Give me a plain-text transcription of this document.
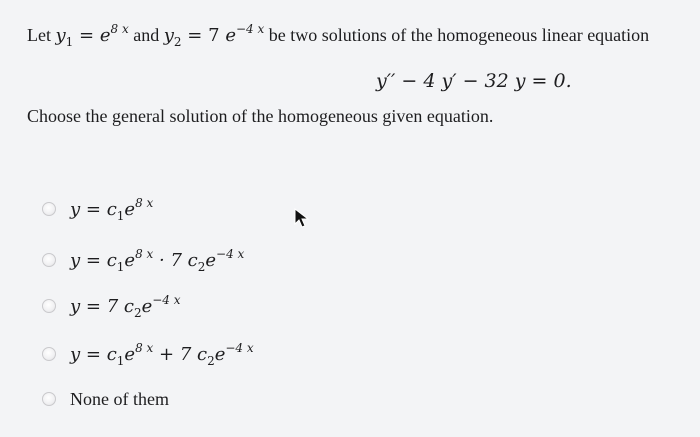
Let $y_1 = e^{8 x}$ and $y_2 = 7$ $e^{-4 x}$ be two solutions of the homogeneous linear equation
y′′ − 4 y′ − 32 y = 0.
Choose the general solution of the homogeneous given equation.
$y = c_1e^{8 x}$
$y = c_1e^{8 x} \cdot 7$ $c_2e^{-4 x}$
y = 7 $c_2e^{-4 x}$
$y = c_1e^{8 x} + 7$ $c_2e^{-4 x}$
None of them
